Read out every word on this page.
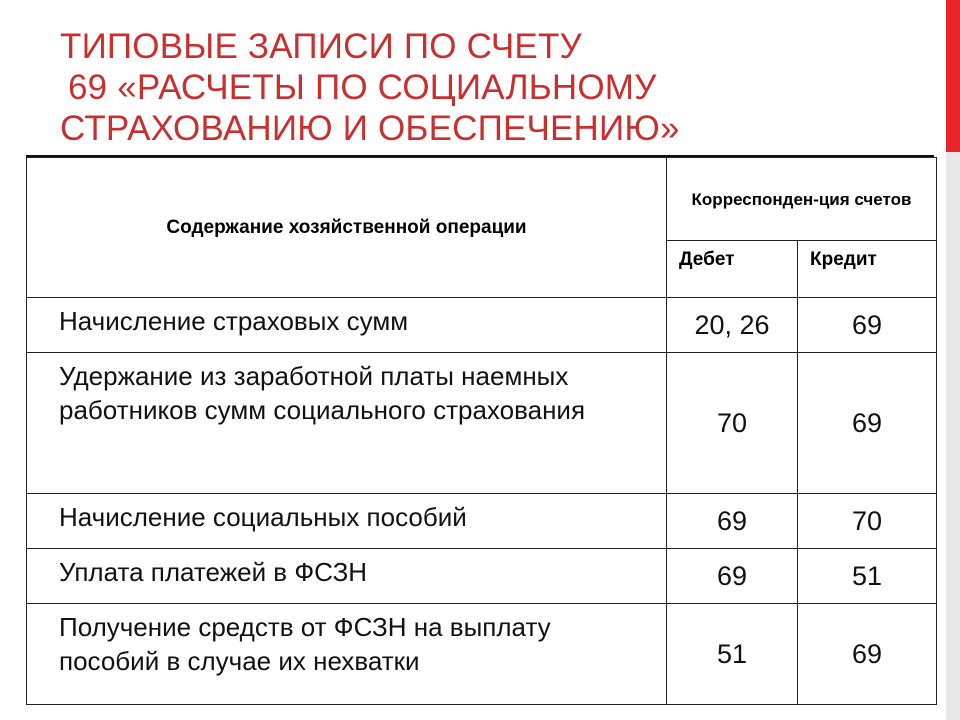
ТИПОВЫЕ ЗАПИСИ ПО СЧЕТУ
69 «РАСЧЕТЫ ПО СОЦИАЛЬНОМУ
СТРАХОВАНИЮ И ОБЕСПЕЧЕНИЮ»
Содержание хозяйственной операции	Корреспонден-ция счетов	
	Дебет	Кредит
Начисление страховых сумм	20, 26	69
Удержание из заработной платы наемных работников сумм социального страхования	70	69
Начисление социальных пособий	69	70
Уплата платежей в ФСЗН	69	51
Получение средств от ФСЗН на выплату пособий в случае их нехватки	51	69
